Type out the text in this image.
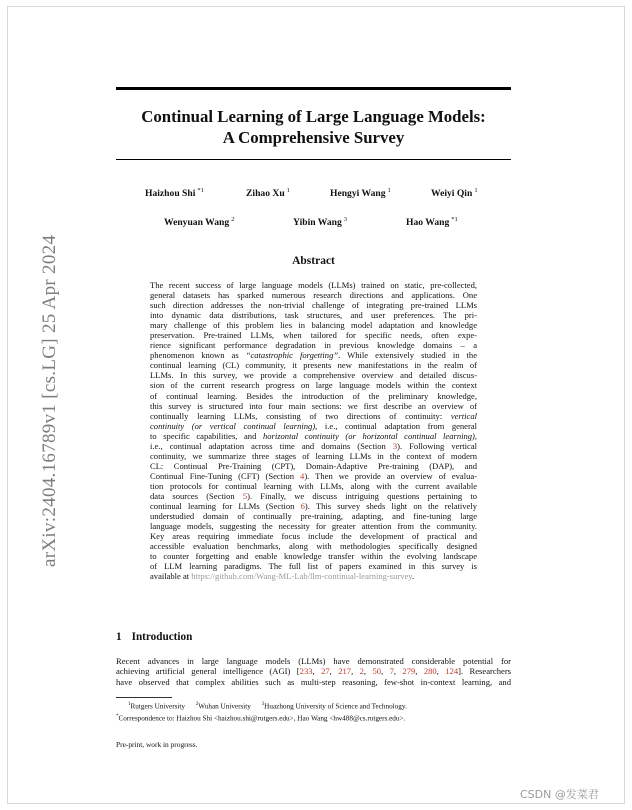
arXiv:2404.16789v1 [cs.LG] 25 Apr 2024
Continual Learning of Large Language Models:
A Comprehensive Survey
Haizhou Shi $^{*1}$	Zihao Xu $^1$	Hengyi Wang $^1$	Weiyi Qin $^1$
Wenyuan Wang $^2$	Yibin Wang $^3$	Hao Wang $^{*1}$
Abstract
The recent success of large language models (LLMs) trained on static, pre-collected,
general datasets has sparked numerous research directions and applications. One
such direction addresses the non-trivial challenge of integrating pre-trained LLMs
into dynamic data distributions, task structures, and user preferences. The pri-
mary challenge of this problem lies in balancing model adaptation and knowledge
preservation. Pre-trained LLMs, when tailored for specific needs, often expe-
rience significant performance degradation in previous knowledge domains – a
phenomenon known as “catastrophic forgetting”. While extensively studied in the
continual learning (CL) community, it presents new manifestations in the realm of
LLMs. In this survey, we provide a comprehensive overview and detailed discus-
sion of the current research progress on large language models within the context
of continual learning. Besides the introduction of the preliminary knowledge,
this survey is structured into four main sections: we first describe an overview of
continually learning LLMs, consisting of two directions of continuity: vertical
continuity (or vertical continual learning), i.e., continual adaptation from general
to specific capabilities, and horizontal continuity (or horizontal continual learning),
i.e., continual adaptation across time and domains (Section 3). Following vertical
continuity, we summarize three stages of learning LLMs in the context of modern
CL: Continual Pre-Training (CPT), Domain-Adaptive Pre-training (DAP), and
Continual Fine-Tuning (CFT) (Section 4). Then we provide an overview of evalua-
tion protocols for continual learning with LLMs, along with the current available
data sources (Section 5). Finally, we discuss intriguing questions pertaining to
continual learning for LLMs (Section 6). This survey sheds light on the relatively
understudied domain of continually pre-training, adapting, and fine-tuning large
language models, suggesting the necessity for greater attention from the community.
Key areas requiring immediate focus include the development of practical and
accessible evaluation benchmarks, along with methodologies specifically designed
to counter forgetting and enable knowledge transfer within the evolving landscape
of LLM learning paradigms. The full list of papers examined in this survey is
available at https://github.com/Wang-ML-Lab/llm-continual-learning-survey.
1 Introduction
Recent advances in large language models (LLMs) have demonstrated considerable potential for
achieving artificial general intelligence (AGI) [233, 27, 217, 2, 50, 7, 279, 280, 124]. Researchers
have observed that complex abilities such as multi-step reasoning, few-shot in-context learning, and
$^1$Rutgers University $^2$Wuhan University $^3$Huazhong University of Science and Technology.
*Correspondence to: Haizhou Shi <haizhou.shi@rutgers.edu>, Hao Wang <hw488@cs.rutgers.edu>.
Pre-print, work in progress.
CSDN @发菜君
